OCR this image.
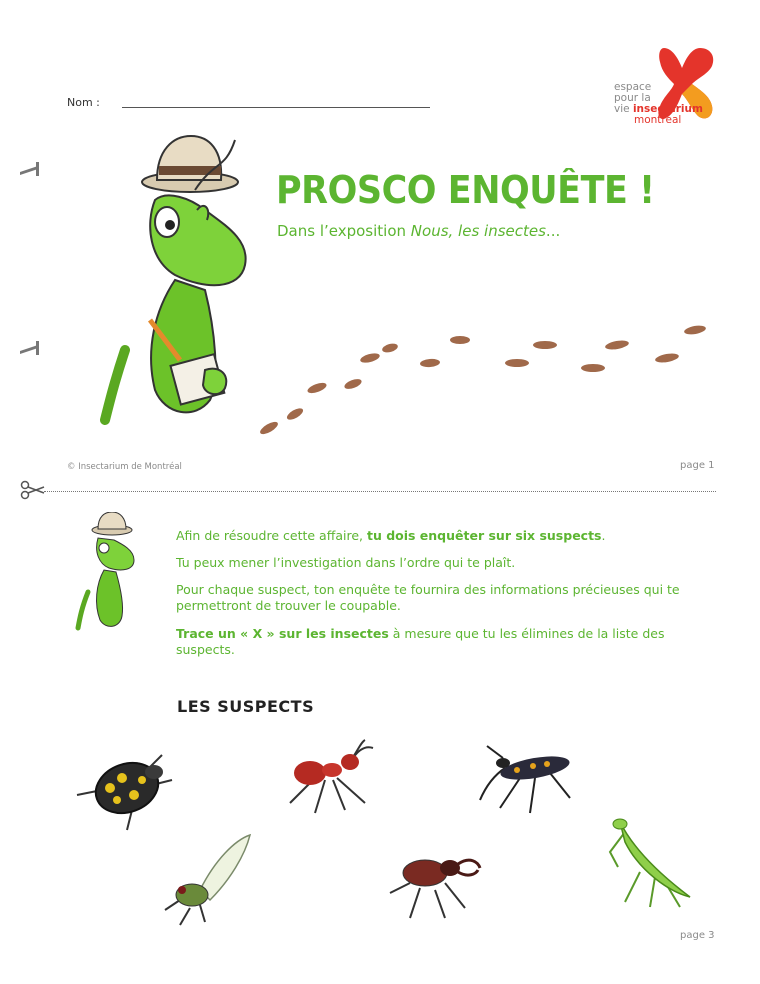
Nom :
espace
pour la
vie insectarium
montréal
PROSCO ENQUÊTE !
Dans l’exposition Nous, les insectes...
© Insectarium de Montréal	page 1
Afin de résoudre cette affaire, tu dois enquêter sur six suspects.
Tu peux mener l’investigation dans l’ordre qui te plaît.
Pour chaque suspect, ton enquête te fournira des informations précieuses qui te permettront de trouver le coupable.
Trace un « X » sur les insectes à mesure que tu les élimines de la liste des suspects.
LES SUSPECTS
page 3
